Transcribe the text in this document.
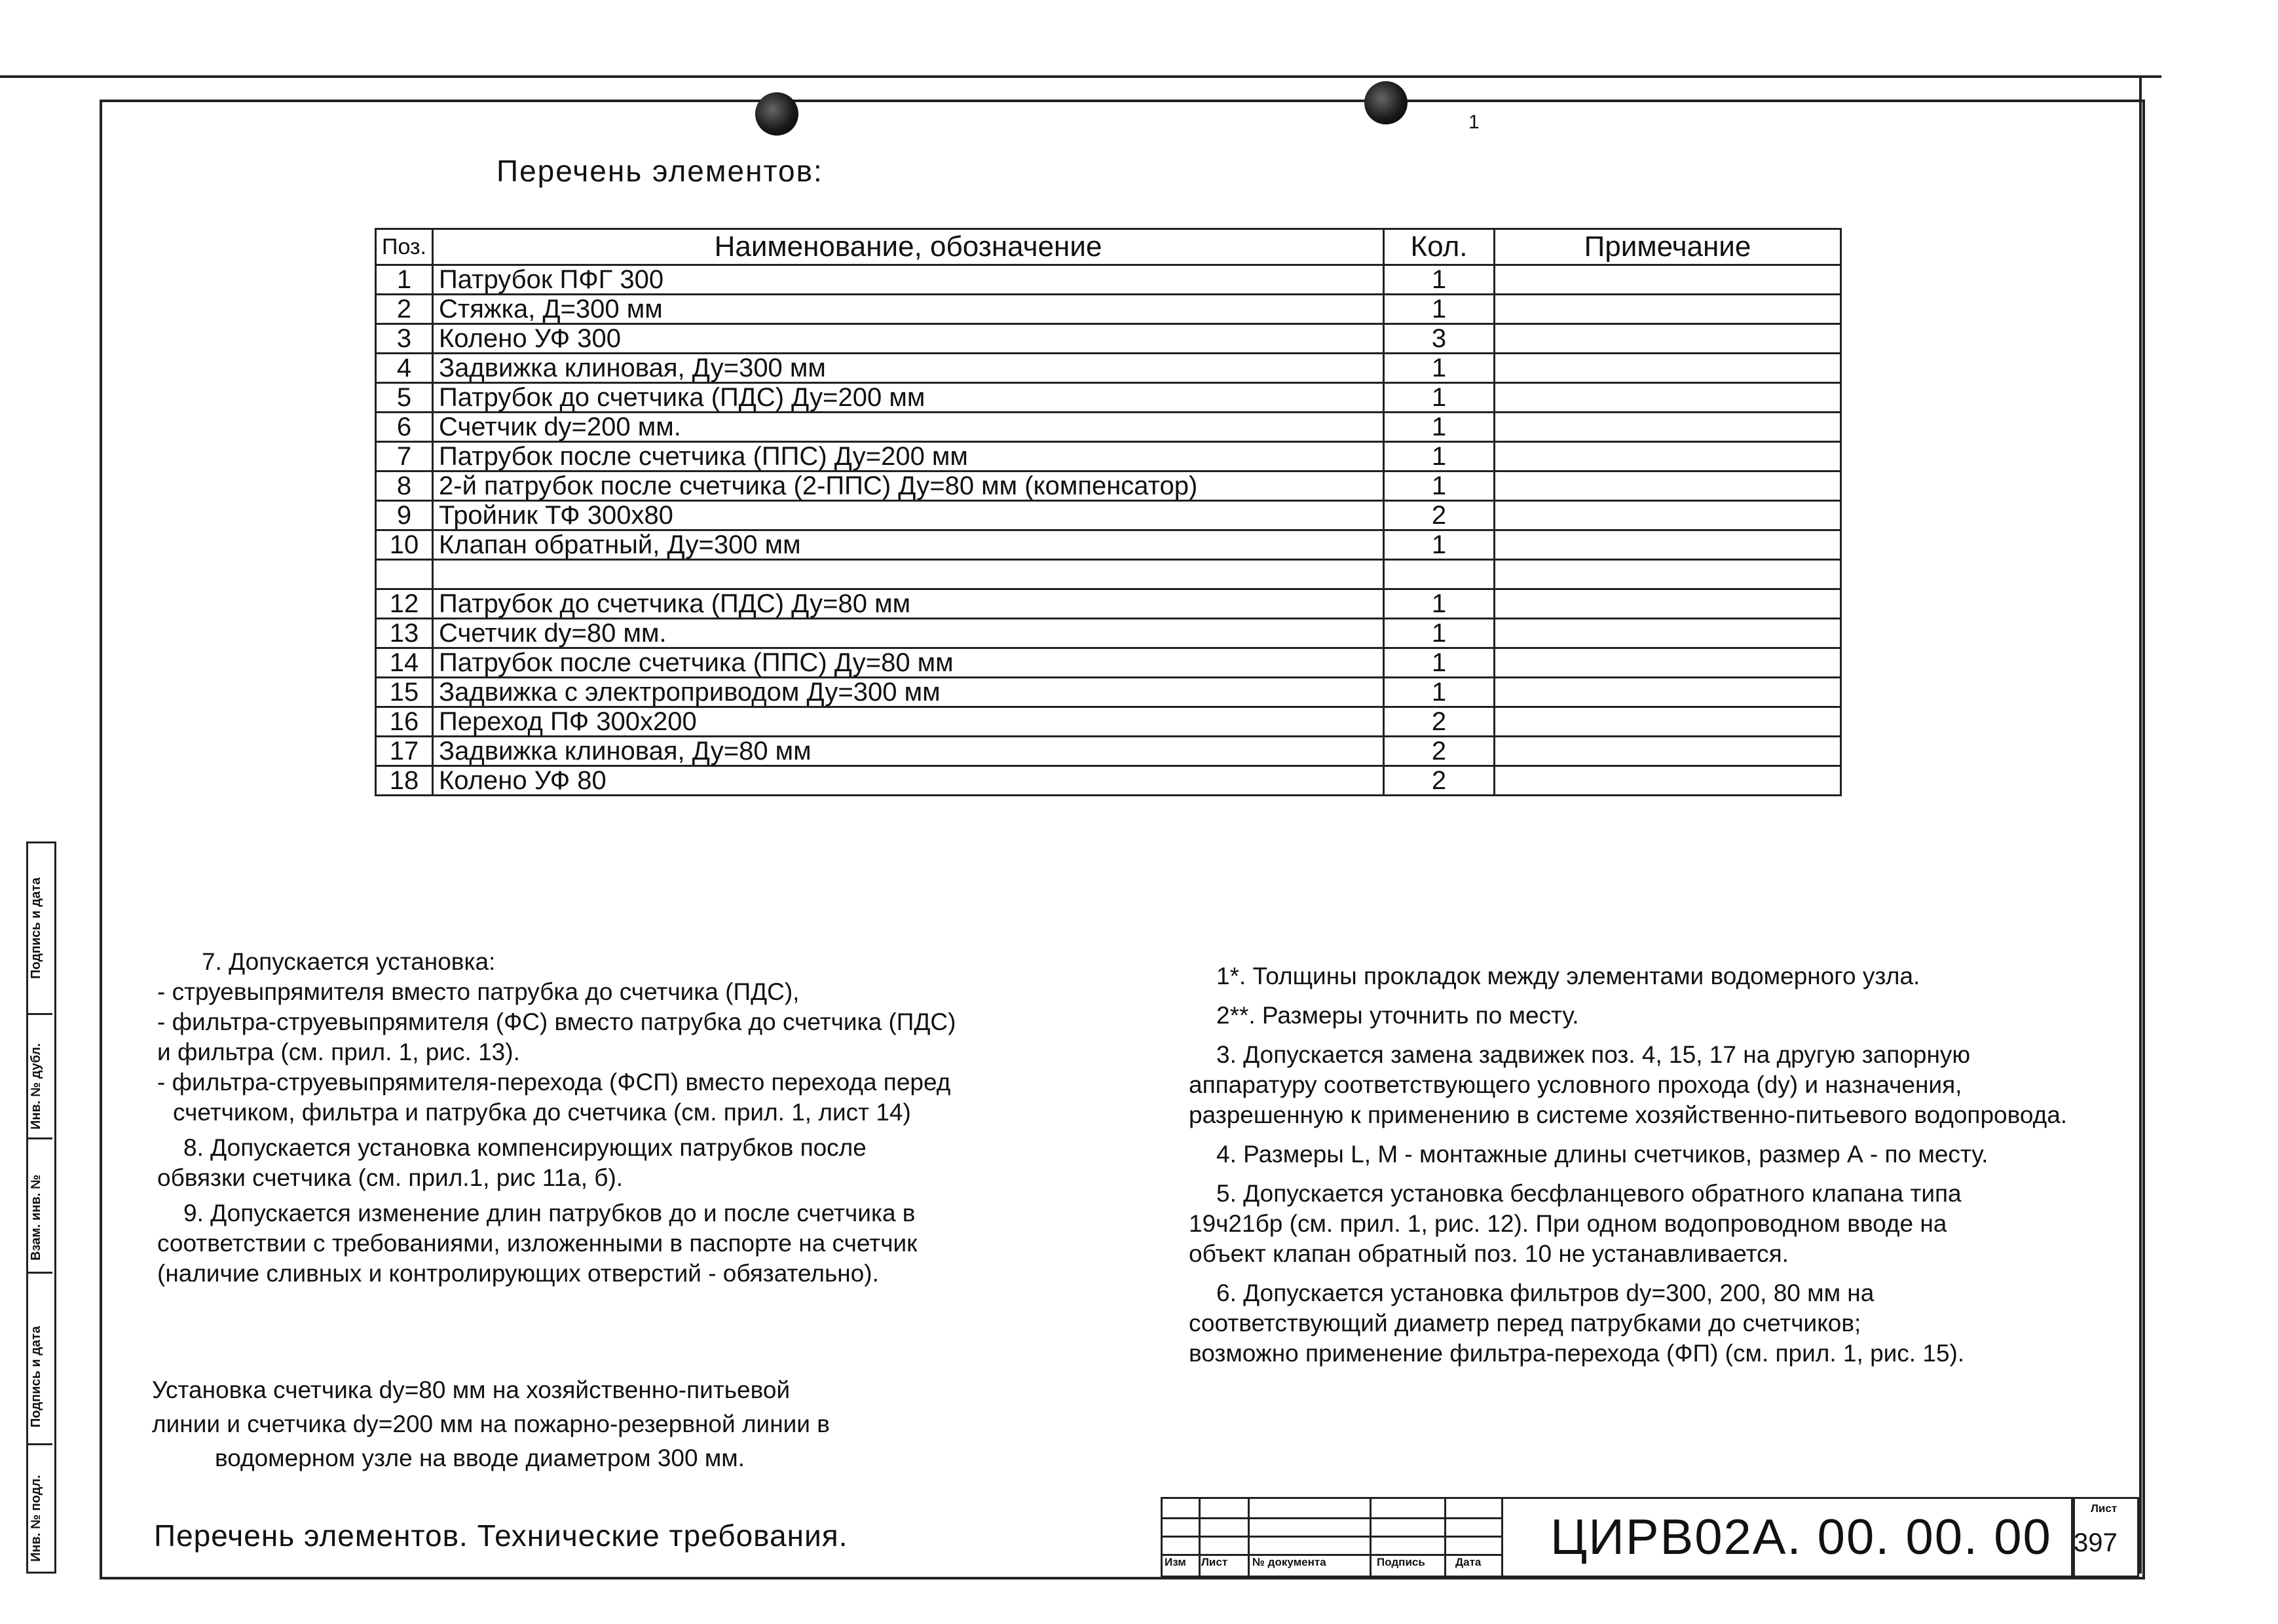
1
Перечень элементов:
Поз.	Наименование, обозначение	Кол.	Примечание
1	Патрубок ПФГ 300	1	
2	Стяжка, Д=300 мм	1	
3	Колено УФ 300	3	
4	Задвижка клиновая, Ду=300 мм	1	
5	Патрубок до счетчика (ПДС) Ду=200 мм	1	
6	Счетчик dy=200 мм.	1	
7	Патрубок после счетчика (ППС) Ду=200 мм	1	
8	2-й патрубок после счетчика (2-ППС) Ду=80 мм (компенсатор)	1	
9	Тройник ТФ 300х80	2	
10	Клапан обратный, Ду=300 мм	1	

12	Патрубок до счетчика (ПДС) Ду=80 мм	1	
13	Счетчик dy=80 мм.	1	
14	Патрубок после счетчика (ППС) Ду=80 мм	1	
15	Задвижка с электроприводом Ду=300 мм	1	
16	Переход ПФ 300х200	2	
17	Задвижка клиновая, Ду=80 мм	2	
18	Колено УФ 80	2	
Подпись и дата
Инв. № дубл.
Взам. инв. №
Подпись и дата
Инв. № подл.

7. Допускается установка:

- струевыпрямителя вместо патрубка до счетчика (ПДС),

- фильтра-струевыпрямителя (ФС) вместо патрубка до счетчика (ПДС)

и фильтра (см. прил. 1, рис. 13).

- фильтра-струевыпрямителя-перехода (ФСП) вместо перехода перед

счетчиком, фильтра и патрубка до счетчика (см. прил. 1, лист 14)

8. Допускается установка компенсирующих патрубков после

обвязки счетчика (см. прил.1, рис 11а, б).

9. Допускается изменение длин патрубков до и после счетчика в

соответствии с требованиями, изложенными в паспорте на счетчик

(наличие сливных и контролирующих отверстий - обязательно).

Установка счетчика dy=80 мм на хозяйственно-питьевой

линии и счетчика dy=200 мм на пожарно-резервной линии в

водомерном узле на вводе диаметром 300 мм.

1*. Толщины прокладок между элементами водомерного узла.

2**. Размеры уточнить по месту.

3. Допускается замена задвижек поз. 4, 15, 17 на другую запорную

аппаратуру соответствующего условного прохода (dy) и назначения,

разрешенную к применению в системе хозяйственно-питьевого водопровода.

4. Размеры L, М - монтажные длины счетчиков, размер А - по месту.

5. Допускается установка бесфланцевого обратного клапана типа

19ч21бр (см. прил. 1, рис. 12). При одном водопроводном вводе на

объект клапан обратный поз. 10 не устанавливается.

6. Допускается установка фильтров dy=300, 200, 80 мм на

соответствующий диаметр перед патрубками до счетчиков;

возможно применение фильтра-перехода (ФП) (см. прил. 1, рис. 15).

Перечень элементов. Технические требования.
Изм Лист № документа	Подпись	Дата ЦИРВ02А. 00. 00. 00
Лист
397
